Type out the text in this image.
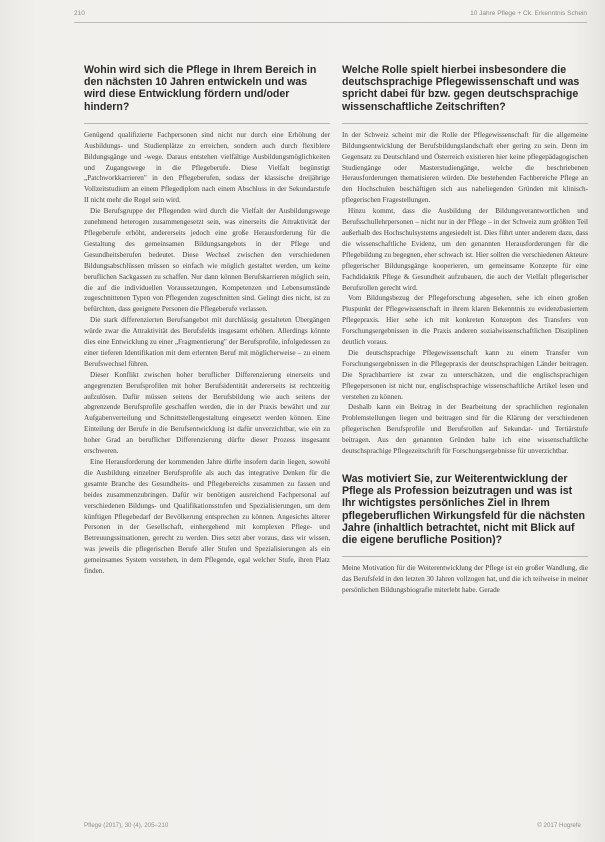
210	10 Jahre Pflege + Ck. Erkenntnis Schein
Wohin wird sich die Pflege in Ihrem Bereich in den nächsten 10 Jahren entwickeln und was wird diese Entwicklung fördern und/oder hindern?

Genügend qualifizierte Fachpersonen sind nicht nur durch eine Erhöhung der Ausbildungs- und Studienplätze zu erreichen, sondern auch durch flexiblere Bildungsgänge und -wege. Daraus entstehen vielfältige Ausbildungsmöglichkeiten und Zugangswege in die Pflegeberufe. Diese Vielfalt begünstigt „Patchworkkarrieren" in den Pflegeberufen, sodass der klassische dreijährige Vollzeitstudium an einem Pflegediplom nach einem Abschluss in der Sekundarstufe II nicht mehr die Regel sein wird.

Die Berufsgruppe der Pflegenden wird durch die Vielfalt der Ausbildungswege zunehmend heterogen zusammengesetzt sein, was einerseits die Attraktivität der Pflegeberufe erhöht, andererseits jedoch eine große Herausforderung für die Gestaltung des gemeinsamen Bildungsangebots in der Pflege und Gesundheitsberufen bedeutet. Diese Wechsel zwischen den verschiedenen Bildungsabschlüssen müssen so einfach wie möglich gestaltet werden, um keine beruflichen Sackgassen zu schaffen. Nur dann können Berufskarrieren möglich sein, die auf die individuellen Voraussetzungen, Kompetenzen und Lebensumstände zugeschnittenen Typen von Pflegenden zugeschnitten sind. Gelingt dies nicht, ist zu befürchten, dass geeignete Personen die Pflegeberufe verlassen.

Die stark differenzierten Berufsangebot mit durchlässig gestalteten Übergängen würde zwar die Attraktivität des Berufsfelds insgesamt erhöhen. Allerdings könnte dies eine Entwicklung zu einer „Fragmentierung" der Berufsprofile, infolgedessen zu einer tieferen Identifikation mit dem erlernten Beruf mit möglicherweise – zu einem Berufswechsel führen.

Dieser Konflikt zwischen hoher beruflicher Differenzierung einerseits und angegrenzten Berufsprofilen mit hoher Berufsidentität andererseits ist rechtzeitig aufzulösen. Dafür müssen seitens der Berufsbildung wie auch seitens der abgrenzende Berufsprofile geschaffen werden, die in der Praxis bewährt und zur Aufgabenverteilung und Schnittstellengestaltung eingesetzt werden können. Eine Einteilung der Berufe in die Berufsentwicklung ist dafür unverzichtbar, wie ein zu hoher Grad an beruflicher Differenzierung dürfte dieser Prozess insgesamt erschweren.

Eine Herausforderung der kommenden Jahre dürfte insofern darin liegen, sowohl die Ausbildung einzelner Berufsprofile als auch das integrative Denken für die gesamte Branche des Gesundheits- und Pflegebereichs zusammen zu fassen und beides zusammenzubringen. Dafür wir benötigen ausreichend Fachpersonal auf verschiedenen Bildungs- und Qualifikationsstufen und Spezialisierungen, um dem künftigen Pflegebedarf der Bevölkerung entsprechen zu können. Angesichts älterer Personen in der Gesellschaft, einhergehend mit komplexen Pflege- und Betreuungssituationen, gerecht zu werden. Dies setzt aber voraus, dass wir wissen, was jeweils die pflegerischen Berufe aller Stufen und Spezialisierungen als ein gemeinsames System verstehen, in dem Pflegende, egal welcher Stufe, ihren Platz finden.

Welche Rolle spielt hierbei insbesondere die deutschsprachige Pflegewissenschaft und was spricht dabei für bzw. gegen deutschsprachige wissenschaftliche Zeitschriften?

In der Schweiz scheint mir die Rolle der Pflegewissenschaft für die allgemeine Bildungsentwicklung der Berufsbildungslandschaft eher gering zu sein. Denn im Gegensatz zu Deutschland und Österreich existieren hier keine pflegepädagogischen Studiengänge oder Masterstudiengänge, welche die beschriebenen Herausforderungen thematisieren würden. Die bestehenden Fachbereiche Pflege an den Hochschulen beschäftigen sich aus naheliegenden Gründen mit klinisch-pflegerischen Fragestellungen.

Hinzu kommt, dass die Ausbildung der Bildungsverantwortlichen und Berufsschullehrpersonen – nicht nur in der Pflege – in der Schweiz zum größten Teil außerhalb des Hochschulsystems angesiedelt ist. Dies führt unter anderem dazu, dass die wissenschaftliche Evidenz, um den genannten Herausforderungen für die Pflegebildung zu begegnen, eher schwach ist. Hier sollten die verschiedenen Akteure pflegerischer Bildungsgänge kooperieren, um gemeinsame Konzepte für eine Fachdidaktik Pflege & Gesundheit aufzubauen, die auch der Vielfalt pflegerischer Berufsrollen gerecht wird.

Vom Bildungsbezug der Pflegeforschung abgesehen, sehe ich einen großen Pluspunkt der Pflegewissenschaft in ihrem klaren Bekenntnis zu evidenzbasiertem Pflegepraxis. Hier sehe ich mit konkreten Konzepten des Transfers von Forschungsergebnissen in die Praxis anderen sozialwissenschaftlichen Disziplinen deutlich voraus.

Die deutschsprachige Pflegewissenschaft kann zu einem Transfer von Forschungsergebnissen in die Pflegepraxis der deutschsprachigen Länder beitragen. Die Sprachbarriere ist zwar zu unterschätzen, und die englischsprachigen Pflegepersonen ist nicht nur, englischsprachige wissenschaftliche Artikel lesen und verstehen zu können.

Deshalb kann ein Beitrag in der Bearbeitung der sprachlichen regionalen Problemstellungen liegen und beitragen sind für die Klärung der verschiedenen pflegerischen Berufsprofile und Berufsrollen auf Sekundar- und Tertiärstufe beitragen. Aus den genannten Gründen halte ich eine wissenschaftliche deutschsprachige Pflegezeitschrift für Forschungsergebnisse für unverzichtbar.

Was motiviert Sie, zur Weiterentwicklung der Pflege als Profession beizutragen und was ist Ihr wichtigstes persönliches Ziel in Ihrem pflegeberuflichen Wirkungsfeld für die nächsten Jahre (inhaltlich betrachtet, nicht mit Blick auf die eigene berufliche Position)?

Meine Motivation für die Weiterentwicklung der Pflege ist ein großer Wandlung, die das Berufsfeld in den letzten 30 Jahren vollzogen hat, und die ich teilweise in meiner persönlichen Bildungsbiografie miterlebt habe. Gerade

Pflege (2017), 30 (4), 205–210	© 2017 Hogrefe
